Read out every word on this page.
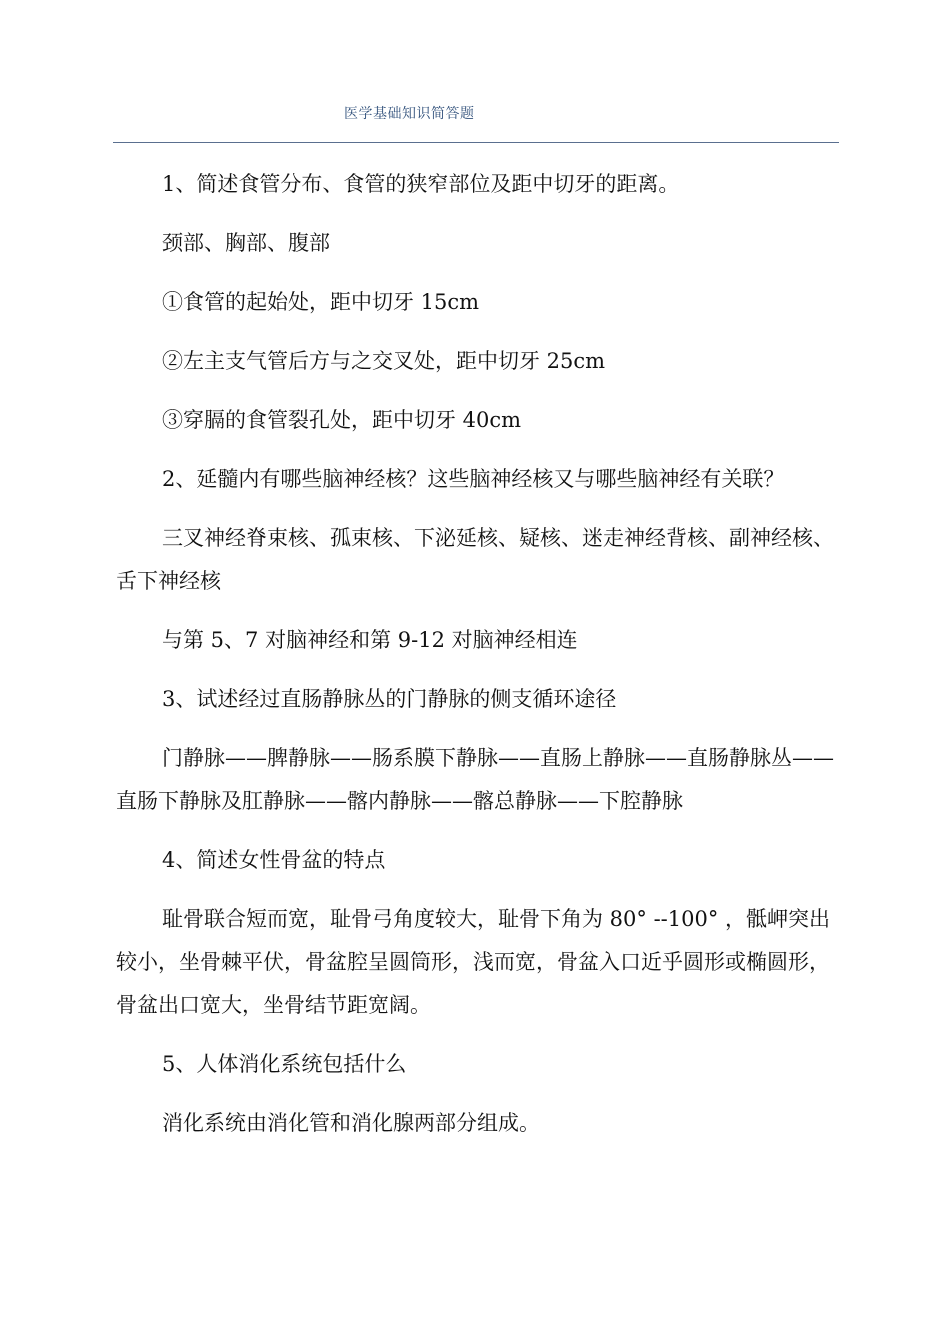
医学基础知识简答题

1、简述食管分布、食管的狭窄部位及距中切牙的距离。

颈部、胸部、腹部

①食管的起始处，距中切牙 15cm

②左主支气管后方与之交叉处，距中切牙 25cm

③穿膈的食管裂孔处，距中切牙 40cm

2、延髓内有哪些脑神经核？这些脑神经核又与哪些脑神经有关联？

三叉神经脊束核、孤束核、下泌延核、疑核、迷走神经背核、副神经核、舌下神经核

与第 5、7 对脑神经和第 9-12 对脑神经相连

3、试述经过直肠静脉丛的门静脉的侧支循环途径

门静脉——脾静脉——肠系膜下静脉——直肠上静脉——直肠静脉丛——直肠下静脉及肛静脉——髂内静脉——髂总静脉——下腔静脉

4、简述女性骨盆的特点

耻骨联合短而宽，耻骨弓角度较大，耻骨下角为 80° --100° ，骶岬突出较小，坐骨棘平伏，骨盆腔呈圆筒形，浅而宽，骨盆入口近乎圆形或椭圆形，骨盆出口宽大，坐骨结节距宽阔。

5、人体消化系统包括什么

消化系统由消化管和消化腺两部分组成。
